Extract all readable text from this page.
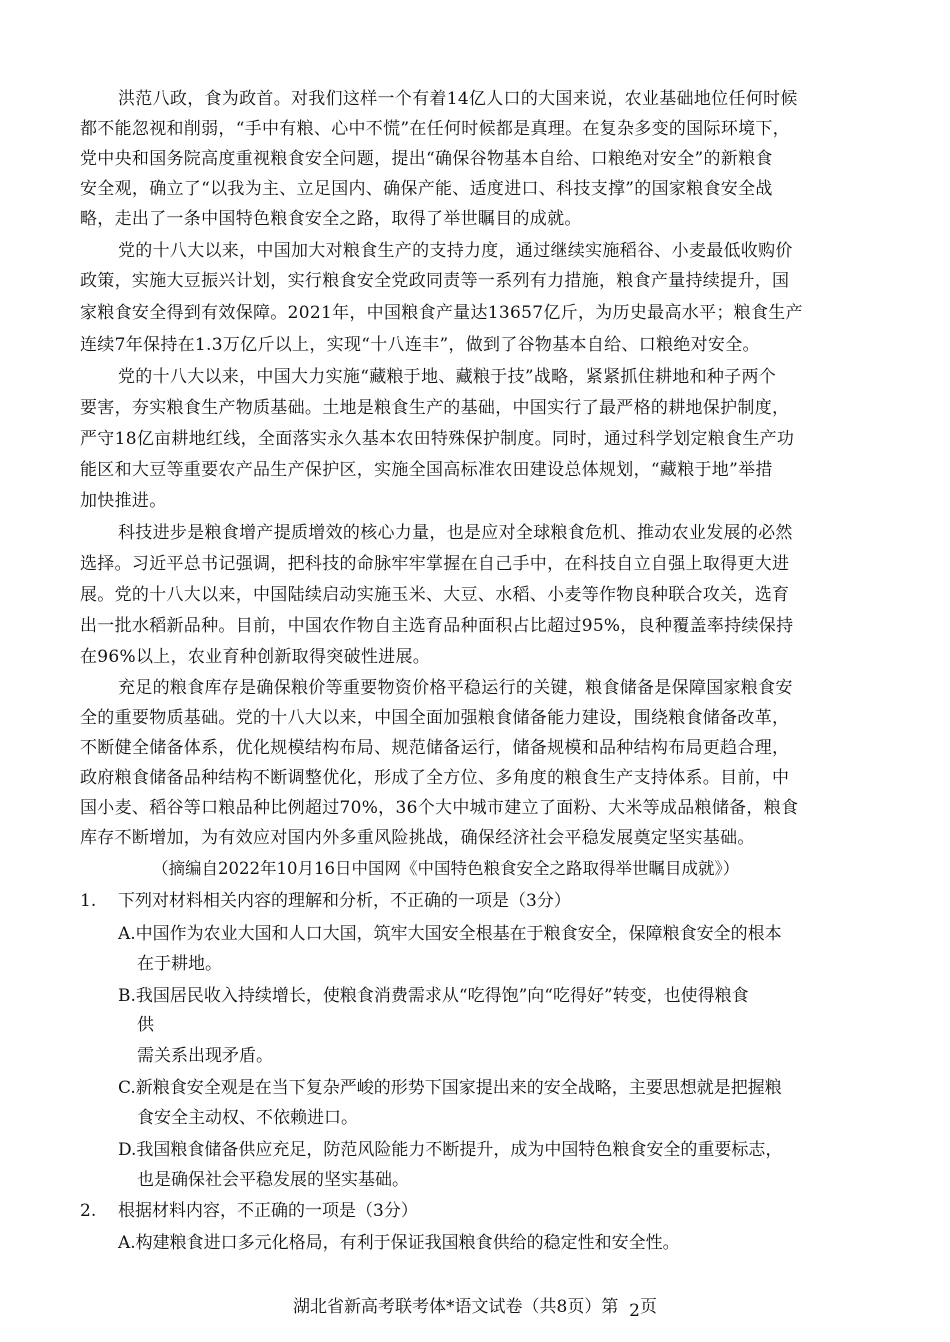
洪范八政，食为政首。对我们这样一个有着14亿人口的大国来说，农业基础地位任何时候
都不能忽视和削弱，“手中有粮、心中不慌”在任何时候都是真理。在复杂多变的国际环境下，
党中央和国务院高度重视粮食安全问题，提出“确保谷物基本自给、口粮绝对安全”的新粮食
安全观，确立了“以我为主、立足国内、确保产能、适度进口、科技支撑”的国家粮食安全战
略，走出了一条中国特色粮食安全之路，取得了举世瞩目的成就。
党的十八大以来，中国加大对粮食生产的支持力度，通过继续实施稻谷、小麦最低收购价
政策，实施大豆振兴计划，实行粮食安全党政同责等一系列有力措施，粮食产量持续提升，国
家粮食安全得到有效保障。2021年，中国粮食产量达13657亿斤，为历史最高水平；粮食生产
连续7年保持在1.3万亿斤以上，实现“十八连丰”，做到了谷物基本自给、口粮绝对安全。
党的十八大以来，中国大力实施“藏粮于地、藏粮于技”战略，紧紧抓住耕地和种子两个
要害，夯实粮食生产物质基础。土地是粮食生产的基础，中国实行了最严格的耕地保护制度，
严守18亿亩耕地红线，全面落实永久基本农田特殊保护制度。同时，通过科学划定粮食生产功
能区和大豆等重要农产品生产保护区，实施全国高标准农田建设总体规划，“藏粮于地”举措
加快推进。
科技进步是粮食增产提质增效的核心力量，也是应对全球粮食危机、推动农业发展的必然
选择。习近平总书记强调，把科技的命脉牢牢掌握在自己手中，在科技自立自强上取得更大进
展。党的十八大以来，中国陆续启动实施玉米、大豆、水稻、小麦等作物良种联合攻关，选育
出一批水稻新品种。目前，中国农作物自主选育品种面积占比超过95%，良种覆盖率持续保持
在96%以上，农业育种创新取得突破性进展。
充足的粮食库存是确保粮价等重要物资价格平稳运行的关键，粮食储备是保障国家粮食安
全的重要物质基础。党的十八大以来，中国全面加强粮食储备能力建设，围绕粮食储备改革，
不断健全储备体系，优化规模结构布局、规范储备运行，储备规模和品种结构布局更趋合理，
政府粮食储备品种结构不断调整优化，形成了全方位、多角度的粮食生产支持体系。目前，中
国小麦、稻谷等口粮品种比例超过70%，36个大中城市建立了面粉、大米等成品粮储备，粮食
库存不断增加，为有效应对国内外多重风险挑战，确保经济社会平稳发展奠定坚实基础。
（摘编自2022年10月16日中国网《中国特色粮食安全之路取得举世瞩目成就》）
1. 下列对材料相关内容的理解和分析，不正确的一项是（3分）
A.中国作为农业大国和人口大国，筑牢大国安全根基在于粮食安全，保障粮食安全的根本
在于耕地。
B.我国居民收入持续增长，使粮食消费需求从“吃得饱”向“吃得好”转变，也使得粮食
供
需关系出现矛盾。
C.新粮食安全观是在当下复杂严峻的形势下国家提出来的安全战略，主要思想就是把握粮
食安全主动权、不依赖进口。
D.我国粮食储备供应充足，防范风险能力不断提升，成为中国特色粮食安全的重要标志，
也是确保社会平稳发展的坚实基础。
2. 根据材料内容，不正确的一项是（3分）
A.构建粮食进口多元化格局，有利于保证我国粮食供给的稳定性和安全性。
湖北省新高考联考体*语文试卷（共8页）第 2页
